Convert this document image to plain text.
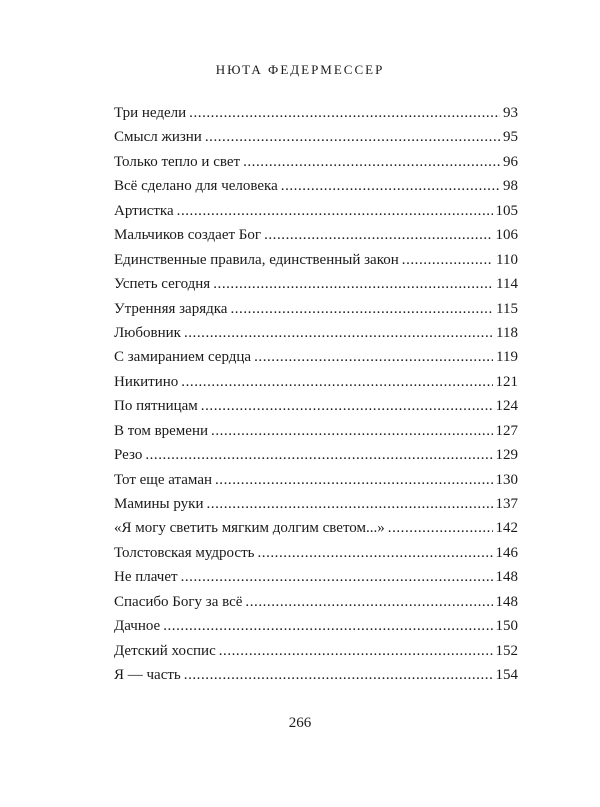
НЮТА ФЕДЕРМЕССЕР
Три недели . . .	93
Смысл жизни . . .	95
Только тепло и свет . . .	96
Всё сделано для человека . . .	98
Артистка . . .	105
Мальчиков создает Бог . . .	106
Единственные правила, единственный закон . . .	110
Успеть сегодня . . .	114
Утренняя зарядка . . .	115
Любовник . . .	118
С замиранием сердца . . .	119
Никитино . . .	121
По пятницам . . .	124
В том времени . . .	127
Резо . . .	129
Тот еще атаман . . .	130
Мамины руки . . .	137
«Я могу светить мягким долгим светом...» . . .	142
Толстовская мудрость . . .	146
Не плачет . . .	148
Спасибо Богу за всё . . .	148
Дачное . . .	150
Детский хоспис . . .	152
Я — часть . . .	154
266
